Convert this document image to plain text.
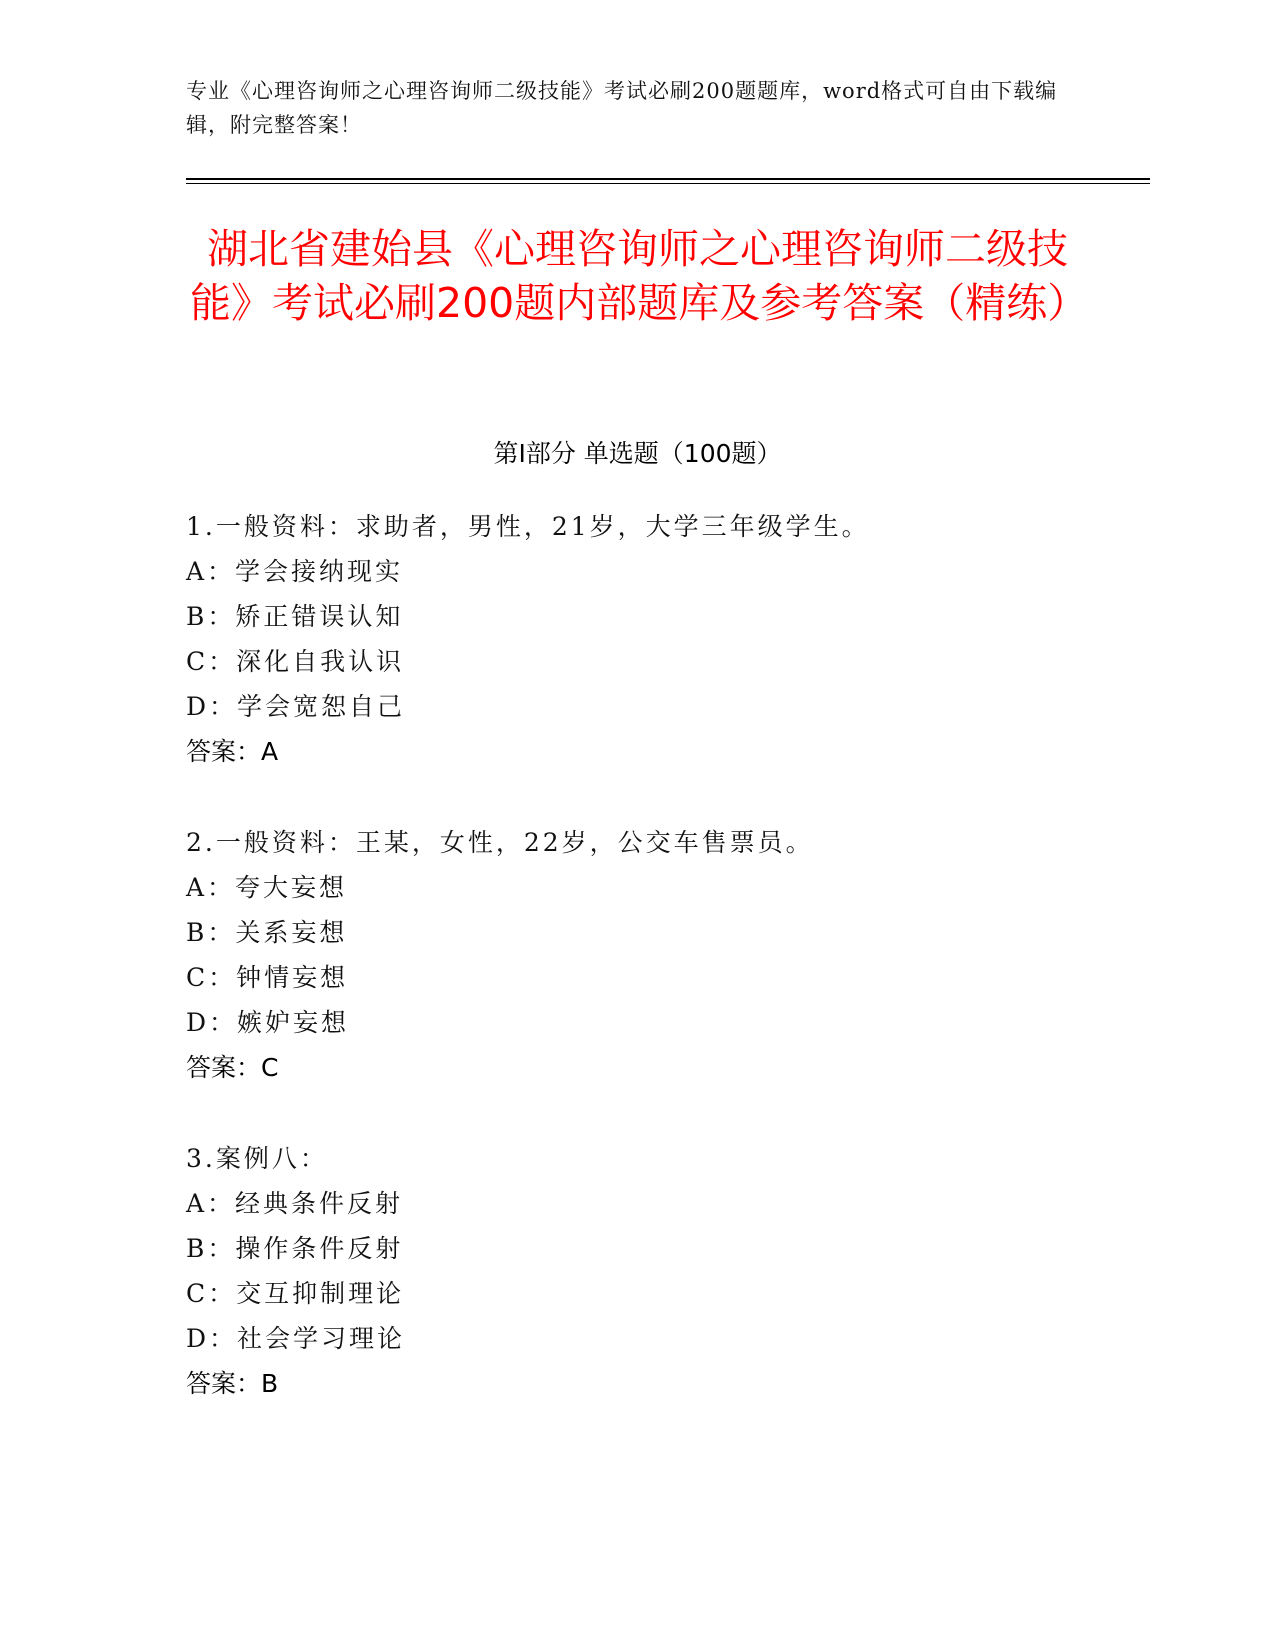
专业《心理咨询师之心理咨询师二级技能》考试必刷200题题库，word格式可自由下载编辑，附完整答案！
湖北省建始县《心理咨询师之心理咨询师二级技能》考试必刷200题内部题库及参考答案（精练）
第Ⅰ部分 单选题（100题）
1.一般资料：求助者，男性，21岁，大学三年级学生。
A：学会接纳现实
B：矫正错误认知
C：深化自我认识
D：学会宽恕自己
答案：A
2.一般资料：王某，女性，22岁，公交车售票员。
A：夸大妄想
B：关系妄想
C：钟情妄想
D：嫉妒妄想
答案：C
3.案例八：
A：经典条件反射
B：操作条件反射
C：交互抑制理论
D：社会学习理论
答案：B
